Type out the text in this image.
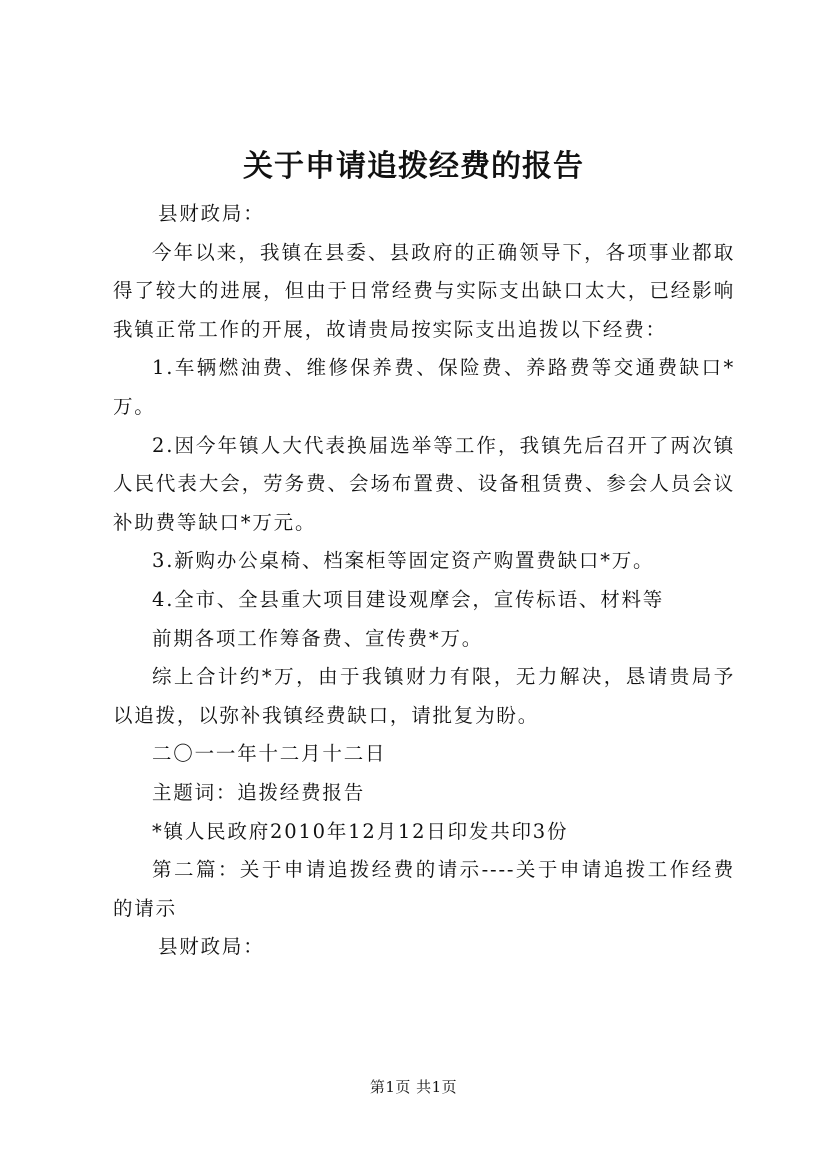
关于申请追拨经费的报告

县财政局：

今年以来，我镇在县委、县政府的正确领导下，各项事业都取得了较大的进展，但由于日常经费与实际支出缺口太大，已经影响我镇正常工作的开展，故请贵局按实际支出追拨以下经费：

1.车辆燃油费、维修保养费、保险费、养路费等交通费缺口*万。

2.因今年镇人大代表换届选举等工作，我镇先后召开了两次镇人民代表大会，劳务费、会场布置费、设备租赁费、参会人员会议补助费等缺口*万元。

3.新购办公桌椅、档案柜等固定资产购置费缺口*万。

4.全市、全县重大项目建设观摩会，宣传标语、材料等

前期各项工作筹备费、宣传费*万。

综上合计约*万，由于我镇财力有限，无力解决，恳请贵局予以追拨，以弥补我镇经费缺口，请批复为盼。

二〇一一年十二月十二日

主题词：追拨经费报告

*镇人民政府2010年12月12日印发共印3份

第二篇：关于申请追拨经费的请示----关于申请追拨工作经费的请示

县财政局：

第1页 共1页
